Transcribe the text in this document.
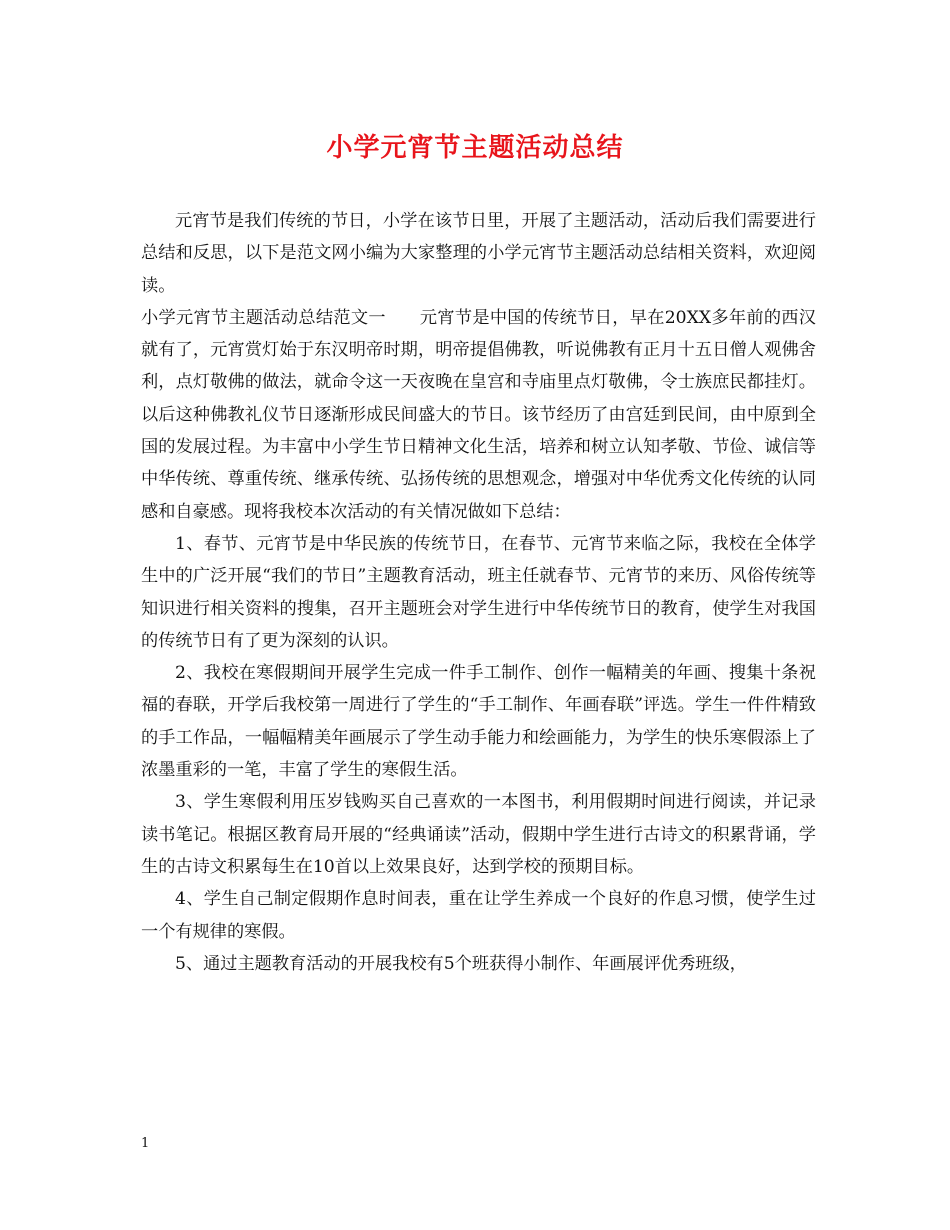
小学元宵节主题活动总结

元宵节是我们传统的节日，小学在该节日里，开展了主题活动，活动后我们需要进行总结和反思，以下是范文网小编为大家整理的小学元宵节主题活动总结相关资料，欢迎阅读。

小学元宵节主题活动总结范文一 元宵节是中国的传统节日，早在20XX多年前的西汉就有了，元宵赏灯始于东汉明帝时期，明帝提倡佛教，听说佛教有正月十五日僧人观佛舍利，点灯敬佛的做法，就命令这一天夜晚在皇宫和寺庙里点灯敬佛，令士族庶民都挂灯。以后这种佛教礼仪节日逐渐形成民间盛大的节日。该节经历了由宫廷到民间，由中原到全国的发展过程。为丰富中小学生节日精神文化生活，培养和树立认知孝敬、节俭、诚信等中华传统、尊重传统、继承传统、弘扬传统的思想观念，增强对中华优秀文化传统的认同感和自豪感。现将我校本次活动的有关情况做如下总结：

1、春节、元宵节是中华民族的传统节日，在春节、元宵节来临之际，我校在全体学生中的广泛开展“我们的节日”主题教育活动，班主任就春节、元宵节的来历、风俗传统等知识进行相关资料的搜集，召开主题班会对学生进行中华传统节日的教育，使学生对我国的传统节日有了更为深刻的认识。

2、我校在寒假期间开展学生完成一件手工制作、创作一幅精美的年画、搜集十条祝福的春联，开学后我校第一周进行了学生的“手工制作、年画春联”评选。学生一件件精致的手工作品，一幅幅精美年画展示了学生动手能力和绘画能力，为学生的快乐寒假添上了浓墨重彩的一笔，丰富了学生的寒假生活。

3、学生寒假利用压岁钱购买自己喜欢的一本图书，利用假期时间进行阅读，并记录读书笔记。根据区教育局开展的“经典诵读”活动，假期中学生进行古诗文的积累背诵，学生的古诗文积累每生在10首以上效果良好，达到学校的预期目标。

4、学生自己制定假期作息时间表，重在让学生养成一个良好的作息习惯，使学生过一个有规律的寒假。

5、通过主题教育活动的开展我校有5个班获得小制作、年画展评优秀班级，

1
